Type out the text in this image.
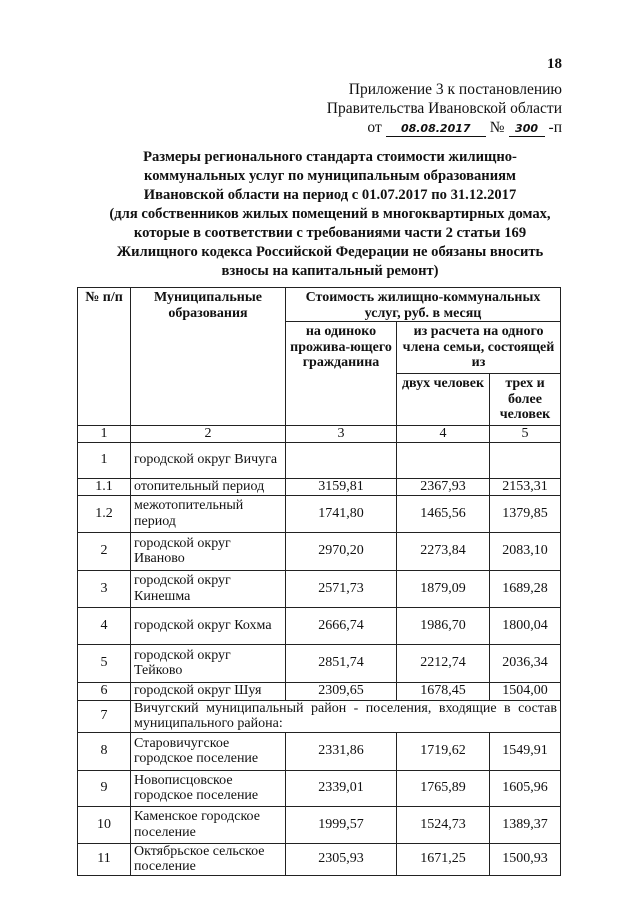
18
Приложение 3 к постановлению
Правительства Ивановской области
от	08.08.2017	№ 300 -п
Размеры регионального стандарта стоимости жилищно-
коммунальных услуг по муниципальным образованиям
Ивановской области на период с 01.07.2017 по 31.12.2017
(для собственников жилых помещений в многоквартирных домах,
которые в соответствии с требованиями части 2 статьи 169
Жилищного кодекса Российской Федерации не обязаны вносить
взносы на капитальный ремонт)
№ п/п	Муниципальные образования	Стоимость жилищно-коммунальных услуг, руб. в месяц		
		на одиноко прожива-ющего гражданина	из расчета на одного члена семьи, состоящей из	
			двух человек	трех и более человек
1	2	3	4	5
1	городской округ Вичуга			
1.1	отопительный период	3159,81	2367,93	2153,31
1.2	межотопительный период	1741,80	1465,56	1379,85
2	городской округ Иваново	2970,20	2273,84	2083,10
3	городской округ Кинешма	2571,73	1879,09	1689,28
4	городской округ Кохма	2666,74	1986,70	1800,04
5	городской округ Тейково	2851,74	2212,74	2036,34
6	городской округ Шуя	2309,65	1678,45	1504,00
7	Вичугский муниципальный район - поселения, входящие в состав муниципального района:			
8	Старовичугское городское поселение	2331,86	1719,62	1549,91
9	Новописцовское городское поселение	2339,01	1765,89	1605,96
10	Каменское городское поселение	1999,57	1524,73	1389,37
11	Октябрьское сельское поселение	2305,93	1671,25	1500,93
